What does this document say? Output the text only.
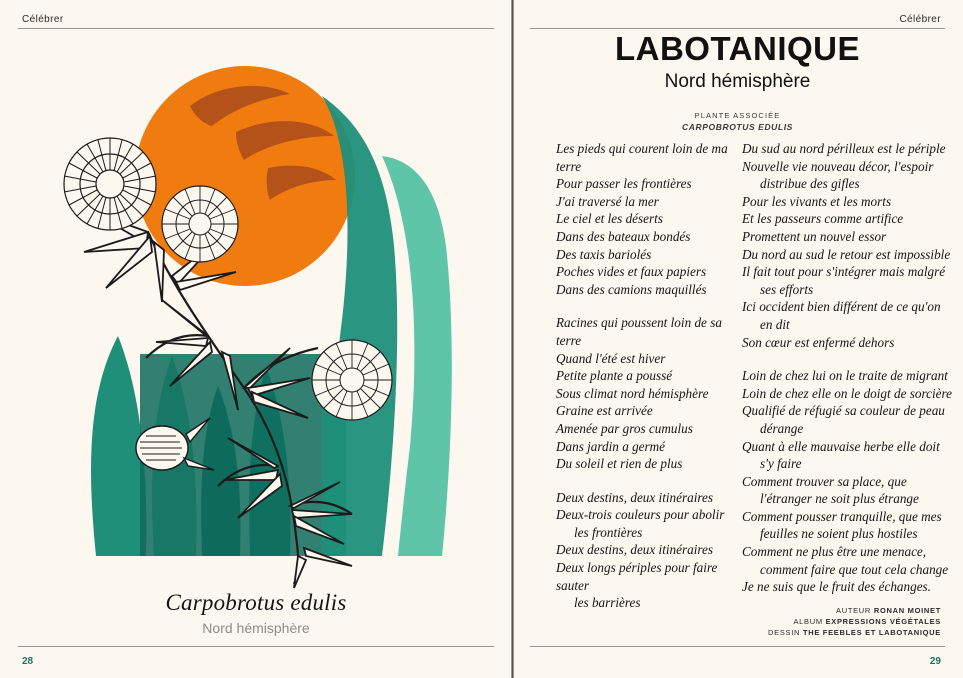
Célébrer
Carpobrotus edulis
Nord hémisphère
28
Célébrer
LABOTANIQUE
Nord hémisphère
PLANTE ASSOCIÉE
CARPOBROTUS EDULIS
Les pieds qui courent loin de ma terre
Pour passer les frontières
J'ai traversé la mer
Le ciel et les déserts
Dans des bateaux bondés
Des taxis bariolés
Poches vides et faux papiers
Dans des camions maquillés
Racines qui poussent loin de sa terre
Quand l'été est hiver
Petite plante a poussé
Sous climat nord hémisphère
Graine est arrivée
Amenée par gros cumulus
Dans jardin a germé
Du soleil et rien de plus
Deux destins, deux itinéraires
Deux-trois couleurs pour abolir
les frontières
Deux destins, deux itinéraires
Deux longs périples pour faire sauter
les barrières
Du sud au nord périlleux est le périple
Nouvelle vie nouveau décor, l'espoir
distribue des gifles
Pour les vivants et les morts
Et les passeurs comme artifice
Promettent un nouvel essor
Du nord au sud le retour est impossible
Il fait tout pour s'intégrer mais malgré
ses efforts
Ici occident bien différent de ce qu'on
en dit
Son cœur est enfermé dehors
Loin de chez lui on le traite de migrant
Loin de chez elle on le doigt de sorcière
Qualifié de réfugié sa couleur de peau
dérange
Quant à elle mauvaise herbe elle doit
s'y faire
Comment trouver sa place, que
l'étranger ne soit plus étrange
Comment pousser tranquille, que mes
feuilles ne soient plus hostiles
Comment ne plus être une menace,
comment faire que tout cela change
Je ne suis que le fruit des échanges.
AUTEUR RONAN MOINET
ALBUM EXPRESSIONS VÉGÉTALES
DESSIN THE FEEBLES ET LABOTANIQUE
29
